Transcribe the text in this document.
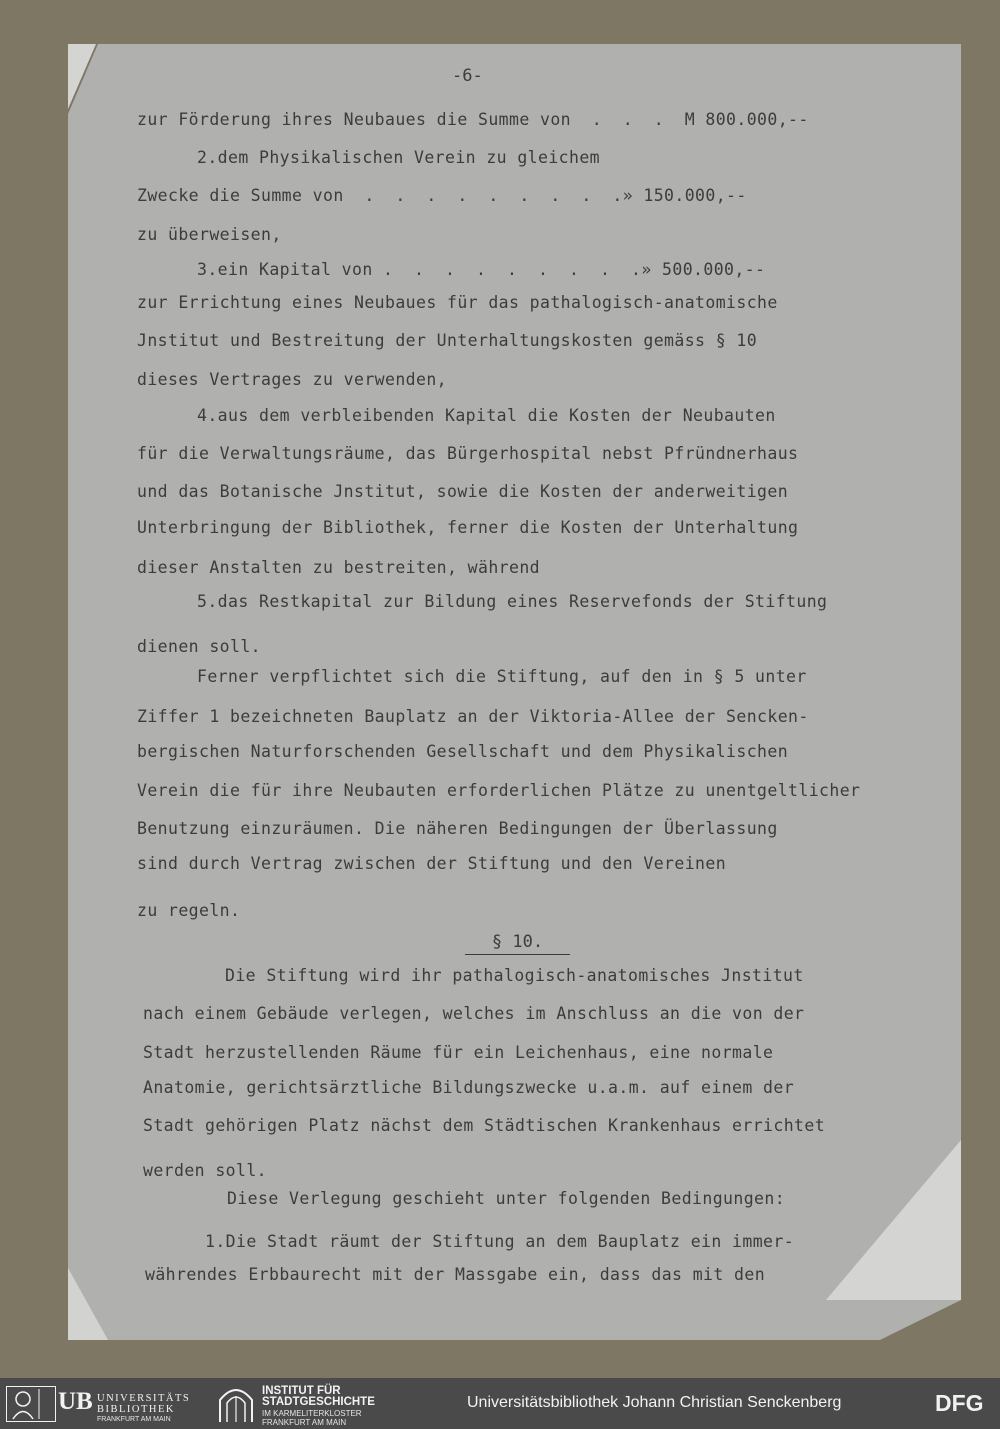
-6-
zur Förderung ihres Neubaues die Summe von  .  .  .  M 800.000,--
2.dem Physikalischen Verein zu gleichem
Zwecke die Summe von  .  .  .  .  .  .  .  .  .» 150.000,--
zu überweisen,
3.ein Kapital von .  .  .  .  .  .  .  .  .» 500.000,--
zur Errichtung eines Neubaues für das pathalogisch-anatomische
Jnstitut und Bestreitung der Unterhaltungskosten gemäss § 10
dieses Vertrages zu verwenden,
4.aus dem verbleibenden Kapital die Kosten der Neubauten
für die Verwaltungsräume, das Bürgerhospital nebst Pfründnerhaus
und das Botanische Jnstitut, sowie die Kosten der anderweitigen
Unterbringung der Bibliothek, ferner die Kosten der Unterhaltung
dieser Anstalten zu bestreiten, während
5.das Restkapital zur Bildung eines Reservefonds der Stiftung
dienen soll.
Ferner verpflichtet sich die Stiftung, auf den in § 5 unter
Ziffer 1 bezeichneten Bauplatz an der Viktoria-Allee der Sencken-
bergischen Naturforschenden Gesellschaft und dem Physikalischen
Verein die für ihre Neubauten erforderlichen Plätze zu unentgeltlicher
Benutzung einzuräumen. Die näheren Bedingungen der Überlassung
sind durch Vertrag zwischen der Stiftung und den Vereinen
zu regeln.
§ 10.
Die Stiftung wird ihr pathalogisch-anatomisches Jnstitut
nach einem Gebäude verlegen, welches im Anschluss an die von der
Stadt herzustellenden Räume für ein Leichenhaus, eine normale
Anatomie, gerichtsärztliche Bildungszwecke u.a.m. auf einem der
Stadt gehörigen Platz nächst dem Städtischen Krankenhaus errichtet
werden soll.
Diese Verlegung geschieht unter folgenden Bedingungen:
1.Die Stadt räumt der Stiftung an dem Bauplatz ein immer-
währendes Erbbaurecht mit der Massgabe ein, dass das mit den
UB UNIVERSITÄTS
BIBLIOTHEK
FRANKFURT AM MAIN
INSTITUT FÜR
STADTGESCHICHTE
IM KARMELITERKLOSTER
FRANKFURT AM MAIN
Universitätsbibliothek Johann Christian Senckenberg	DFG
